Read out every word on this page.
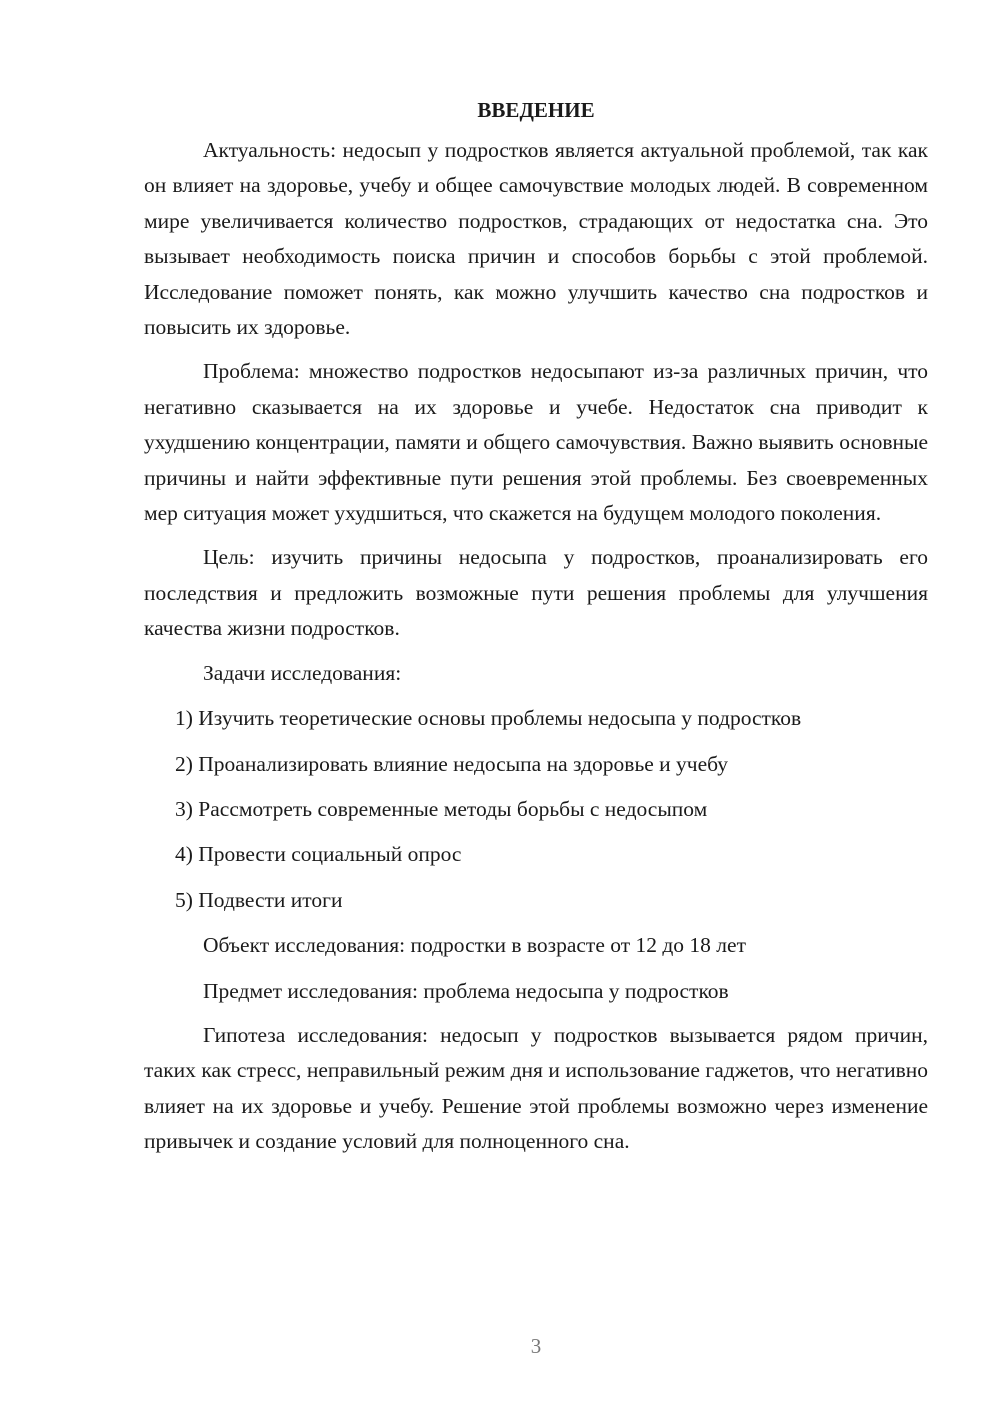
ВВЕДЕНИЕ

Актуальность: недосып у подростков является актуальной проблемой, так как он влияет на здоровье, учебу и общее самочувствие молодых людей. В современном мире увеличивается количество подростков, страдающих от недостатка сна. Это вызывает необходимость поиска причин и способов борьбы с этой проблемой. Исследование поможет понять, как можно улучшить качество сна подростков и повысить их здоровье.

Проблема: множество подростков недосыпают из-за различных причин, что негативно сказывается на их здоровье и учебе. Недостаток сна приводит к ухудшению концентрации, памяти и общего самочувствия. Важно выявить основные причины и найти эффективные пути решения этой проблемы. Без своевременных мер ситуация может ухудшиться, что скажется на будущем молодого поколения.

Цель: изучить причины недосыпа у подростков, проанализировать его последствия и предложить возможные пути решения проблемы для улучшения качества жизни подростков.

Задачи исследования:

1) Изучить теоретические основы проблемы недосыпа у подростков
2) Проанализировать влияние недосыпа на здоровье и учебу
3) Рассмотреть современные методы борьбы с недосыпом
4) Провести социальный опрос
5) Подвести итоги

Объект исследования: подростки в возрасте от 12 до 18 лет

Предмет исследования: проблема недосыпа у подростков

Гипотеза исследования: недосып у подростков вызывается рядом причин, таких как стресс, неправильный режим дня и использование гаджетов, что негативно влияет на их здоровье и учебу. Решение этой проблемы возможно через изменение привычек и создание условий для полноценного сна.

3
